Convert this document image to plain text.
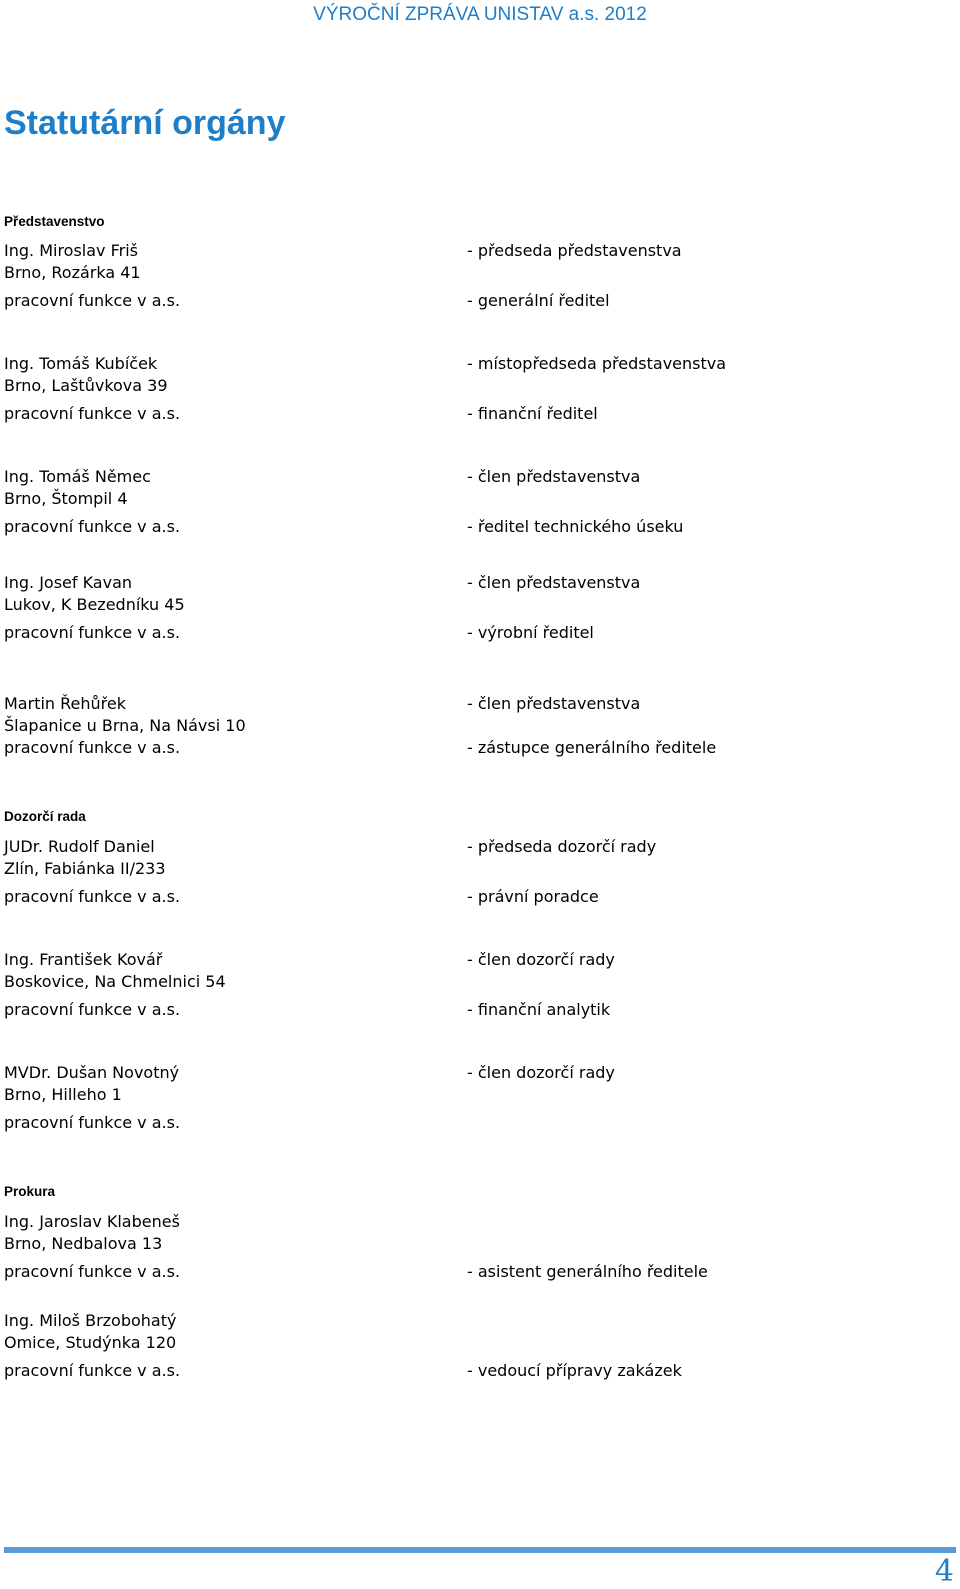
VÝROČNÍ ZPRÁVA UNISTAV a.s. 2012
Statutární orgány
Představenstvo
Ing. Miroslav Friš
Brno, Rozárka 41
pracovní funkce v a.s.
- předseda představenstva
- generální ředitel
Ing. Tomáš Kubíček
Brno, Laštůvkova 39
pracovní funkce v a.s.
- místopředseda představenstva
- finanční ředitel
Ing. Tomáš Němec
Brno, Štompil 4
pracovní funkce v a.s.
- člen představenstva
- ředitel technického úseku
Ing. Josef Kavan
Lukov, K Bezedníku 45
pracovní funkce v a.s.
- člen představenstva
- výrobní ředitel
Martin Řehůřek
Šlapanice u Brna, Na Návsi 10
pracovní funkce v a.s.
- člen představenstva
- zástupce generálního ředitele
Dozorčí rada
JUDr. Rudolf Daniel
Zlín, Fabiánka II/233
pracovní funkce v a.s.
- předseda dozorčí rady
- právní poradce
Ing. František Kovář
Boskovice, Na Chmelnici 54
pracovní funkce v a.s.
- člen dozorčí rady
- finanční analytik
MVDr. Dušan Novotný
Brno, Hilleho 1
pracovní funkce v a.s.
- člen dozorčí rady
Prokura
Ing. Jaroslav Klabeneš
Brno, Nedbalova 13
pracovní funkce v a.s.	- asistent generálního ředitele
Ing. Miloš Brzobohatý
Omice, Studýnka 120
pracovní funkce v a.s.	- vedoucí přípravy zakázek
4
